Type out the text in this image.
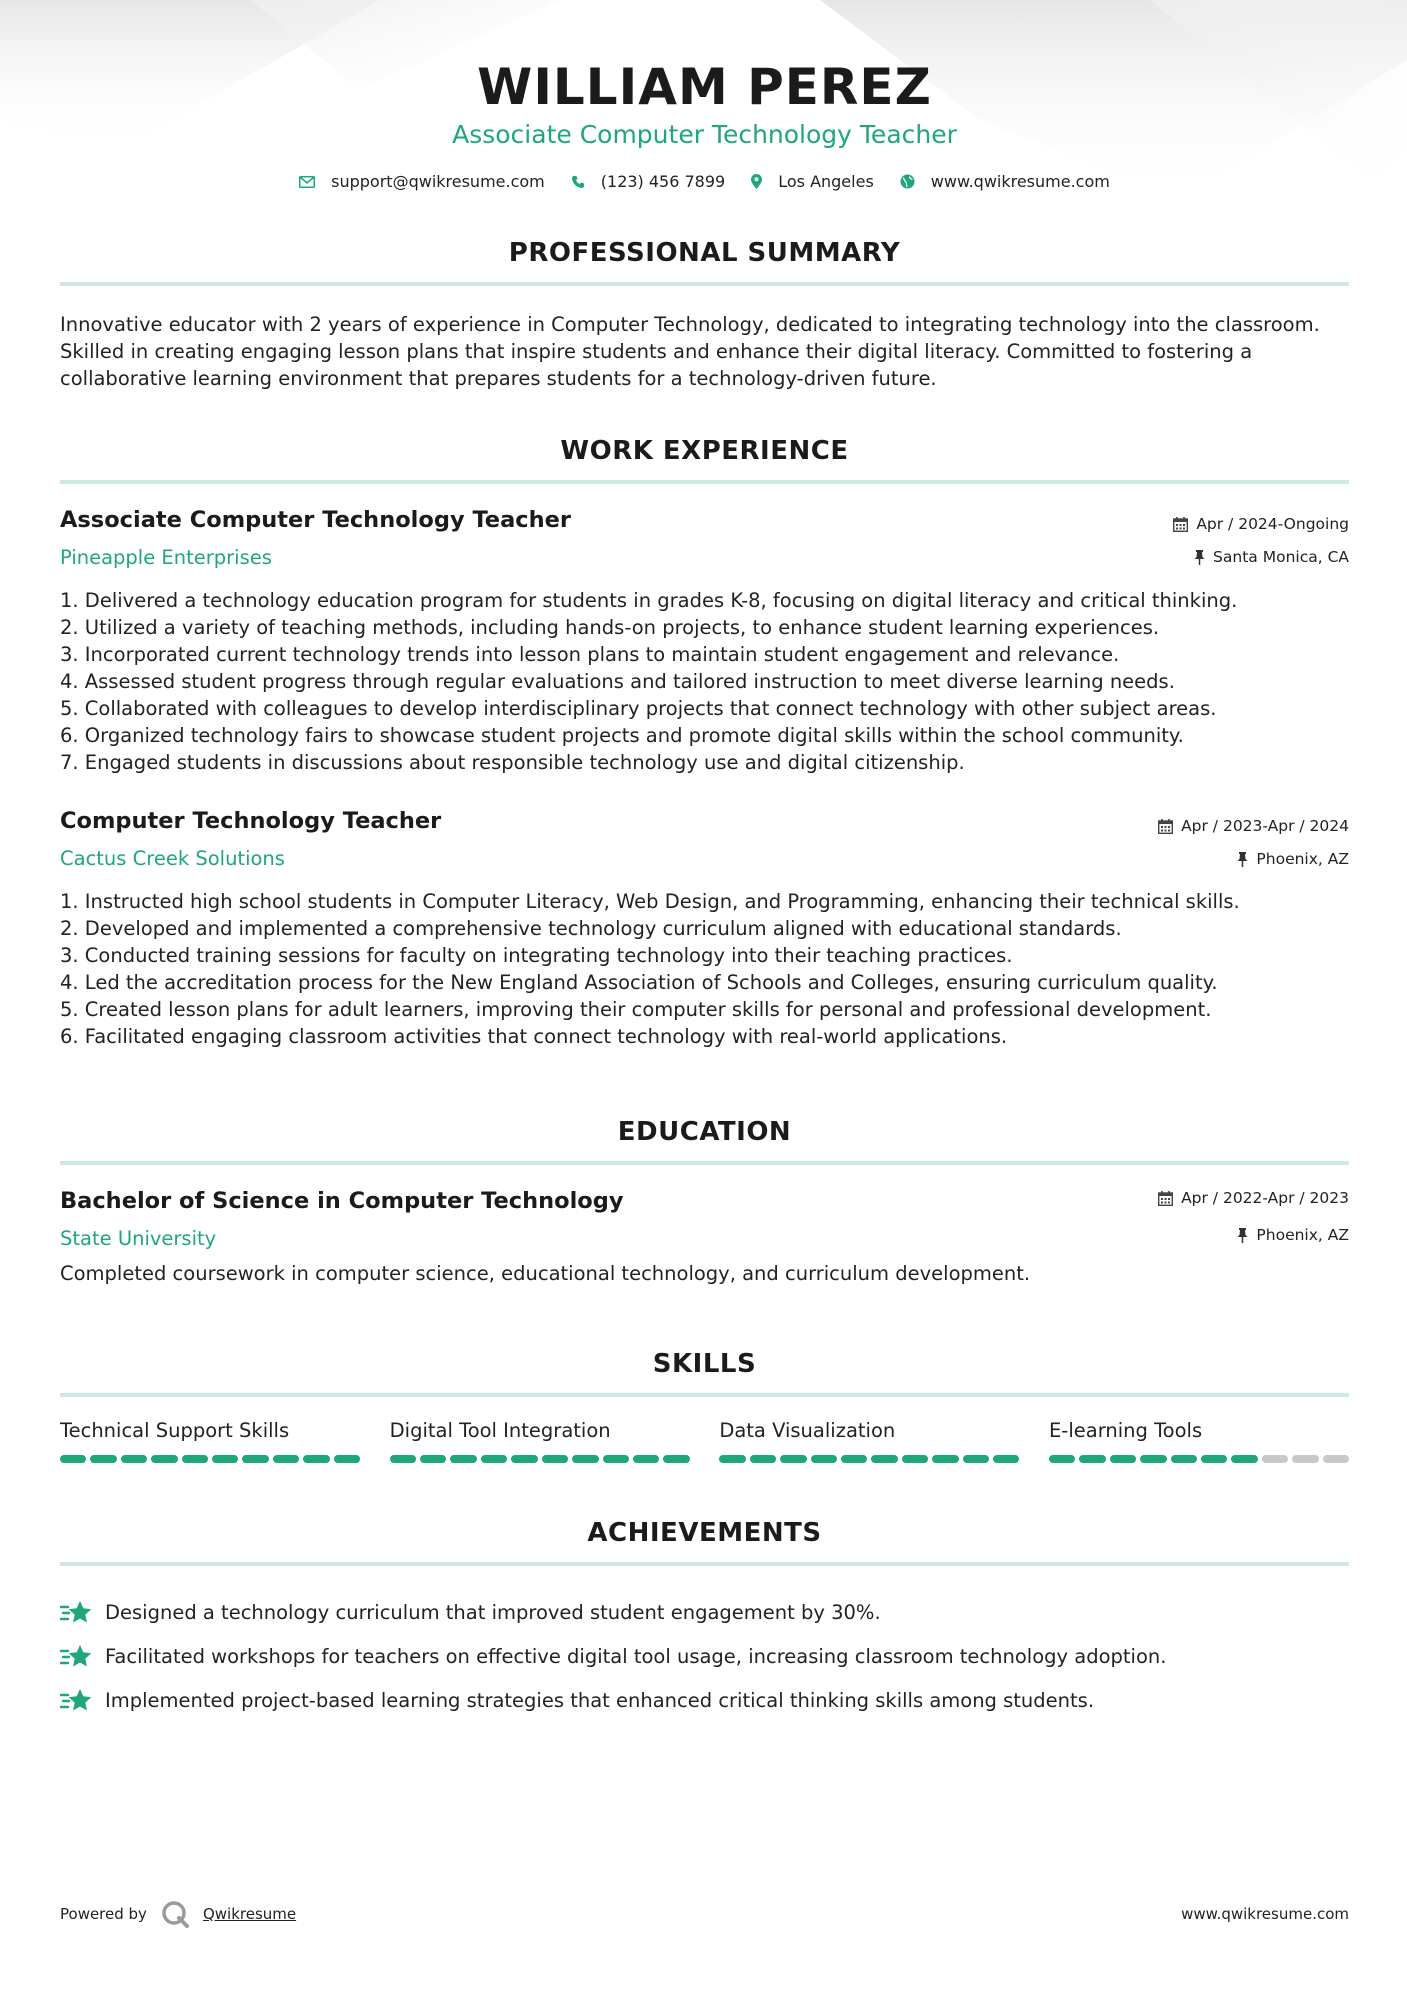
WILLIAM PEREZ
Associate Computer Technology Teacher
support@qwikresume.com	(123) 456 7899	Los Angeles	www.qwikresume.com
PROFESSIONAL SUMMARY
Innovative educator with 2 years of experience in Computer Technology, dedicated to integrating technology into the classroom. Skilled in creating engaging lesson plans that inspire students and enhance their digital literacy. Committed to fostering a collaborative learning environment that prepares students for a technology-driven future.
WORK EXPERIENCE
Associate Computer Technology Teacher
Pineapple Enterprises
Apr / 2024-Ongoing
Santa Monica, CA
1. Delivered a technology education program for students in grades K-8, focusing on digital literacy and critical thinking.
2. Utilized a variety of teaching methods, including hands-on projects, to enhance student learning experiences.
3. Incorporated current technology trends into lesson plans to maintain student engagement and relevance.
4. Assessed student progress through regular evaluations and tailored instruction to meet diverse learning needs.
5. Collaborated with colleagues to develop interdisciplinary projects that connect technology with other subject areas.
6. Organized technology fairs to showcase student projects and promote digital skills within the school community.
7. Engaged students in discussions about responsible technology use and digital citizenship.
Computer Technology Teacher
Cactus Creek Solutions
Apr / 2023-Apr / 2024
Phoenix, AZ
1. Instructed high school students in Computer Literacy, Web Design, and Programming, enhancing their technical skills.
2. Developed and implemented a comprehensive technology curriculum aligned with educational standards.
3. Conducted training sessions for faculty on integrating technology into their teaching practices.
4. Led the accreditation process for the New England Association of Schools and Colleges, ensuring curriculum quality.
5. Created lesson plans for adult learners, improving their computer skills for personal and professional development.
6. Facilitated engaging classroom activities that connect technology with real-world applications.
EDUCATION
Bachelor of Science in Computer Technology
State University
Apr / 2022-Apr / 2023
Phoenix, AZ
Completed coursework in computer science, educational technology, and curriculum development.
SKILLS
Technical Support Skills	Digital Tool Integration	Data Visualization	E-learning Tools
ACHIEVEMENTS
Designed a technology curriculum that improved student engagement by 30%.
Facilitated workshops for teachers on effective digital tool usage, increasing classroom technology adoption.
Implemented project-based learning strategies that enhanced critical thinking skills among students.
Powered by	Qwikresume	www.qwikresume.com
